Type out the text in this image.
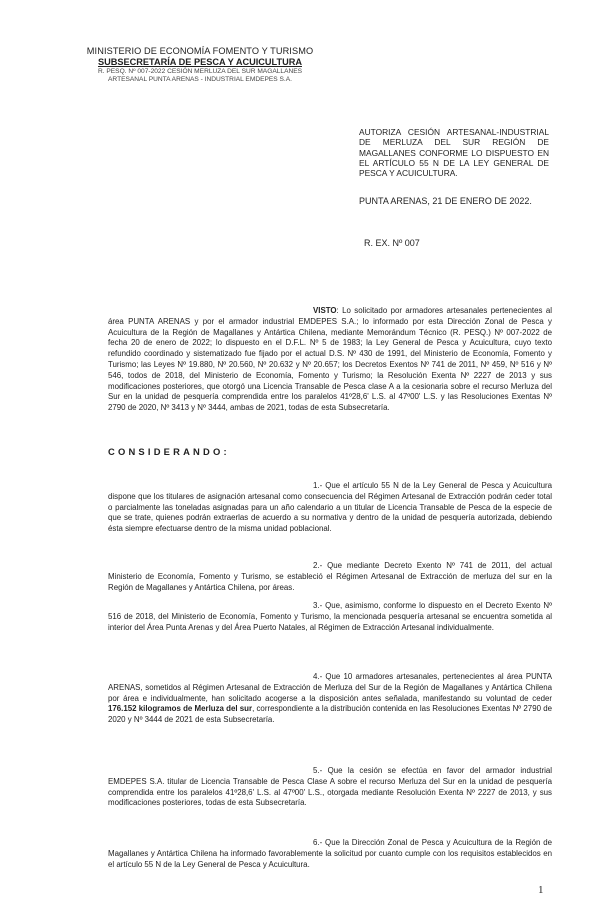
MINISTERIO DE ECONOMÍA FOMENTO Y TURISMO
SUBSECRETARÍA DE PESCA Y ACUICULTURA
R. PESQ. Nº 007-2022 CESIÓN MERLUZA DEL SUR MAGALLANES
ARTESANAL PUNTA ARENAS - INDUSTRIAL EMDEPES S.A.
AUTORIZA CESIÓN ARTESANAL-INDUSTRIAL DE MERLUZA DEL SUR REGIÓN DE MAGALLANES CONFORME LO DISPUESTO EN EL ARTÍCULO 55 N DE LA LEY GENERAL DE PESCA Y ACUICULTURA.
PUNTA ARENAS, 21 DE ENERO DE 2022.
R. EX. Nº 007

VISTO: Lo solicitado por armadores artesanales pertenecientes al área PUNTA ARENAS y por el armador industrial EMDEPES S.A.; lo informado por esta Dirección Zonal de Pesca y Acuicultura de la Región de Magallanes y Antártica Chilena, mediante Memorándum Técnico (R. PESQ.) Nº 007-2022 de fecha 20 de enero de 2022; lo dispuesto en el D.F.L. Nº 5 de 1983; la Ley General de Pesca y Acuicultura, cuyo texto refundido coordinado y sistematizado fue fijado por el actual D.S. Nº 430 de 1991, del Ministerio de Economía, Fomento y Turismo; las Leyes Nº 19.880, Nº 20.560, Nº 20.632 y Nº 20.657; los Decretos Exentos Nº 741 de 2011, Nº 459, Nº 516 y Nº 546, todos de 2018, del Ministerio de Economía, Fomento y Turismo; la Resolución Exenta Nº 2227 de 2013 y sus modificaciones posteriores, que otorgó una Licencia Transable de Pesca clase A a la cesionaria sobre el recurso Merluza del Sur en la unidad de pesquería comprendida entre los paralelos 41º28,6' L.S. al 47º00' L.S. y las Resoluciones Exentas Nº 2790 de 2020, Nº 3413 y Nº 3444, ambas de 2021, todas de esta Subsecretaría.

CONSIDERANDO:

1.- Que el artículo 55 N de la Ley General de Pesca y Acuicultura dispone que los titulares de asignación artesanal como consecuencia del Régimen Artesanal de Extracción podrán ceder total o parcialmente las toneladas asignadas para un año calendario a un titular de Licencia Transable de Pesca de la especie de que se trate, quienes podrán extraerlas de acuerdo a su normativa y dentro de la unidad de pesquería autorizada, debiendo ésta siempre efectuarse dentro de la misma unidad poblacional.

2.- Que mediante Decreto Exento Nº 741 de 2011, del actual Ministerio de Economía, Fomento y Turismo, se estableció el Régimen Artesanal de Extracción de merluza del sur en la Región de Magallanes y Antártica Chilena, por áreas.

3.- Que, asimismo, conforme lo dispuesto en el Decreto Exento Nº 516 de 2018, del Ministerio de Economía, Fomento y Turismo, la mencionada pesquería artesanal se encuentra sometida al interior del Área Punta Arenas y del Área Puerto Natales, al Régimen de Extracción Artesanal individualmente.

4.- Que 10 armadores artesanales, pertenecientes al área PUNTA ARENAS, sometidos al Régimen Artesanal de Extracción de Merluza del Sur de la Región de Magallanes y Antártica Chilena por área e individualmente, han solicitado acogerse a la disposición antes señalada, manifestando su voluntad de ceder 176.152 kilogramos de Merluza del sur, correspondiente a la distribución contenida en las Resoluciones Exentas Nº 2790 de 2020 y Nº 3444 de 2021 de esta Subsecretaría.

5.- Que la cesión se efectúa en favor del armador industrial EMDEPES S.A. titular de Licencia Transable de Pesca Clase A sobre el recurso Merluza del Sur en la unidad de pesquería comprendida entre los paralelos 41º28,6' L.S. al 47º00' L.S., otorgada mediante Resolución Exenta Nº 2227 de 2013, y sus modificaciones posteriores, todas de esta Subsecretaría.

6.- Que la Dirección Zonal de Pesca y Acuicultura de la Región de Magallanes y Antártica Chilena ha informado favorablemente la solicitud por cuanto cumple con los requisitos establecidos en el artículo 55 N de la Ley General de Pesca y Acuicultura.

1
